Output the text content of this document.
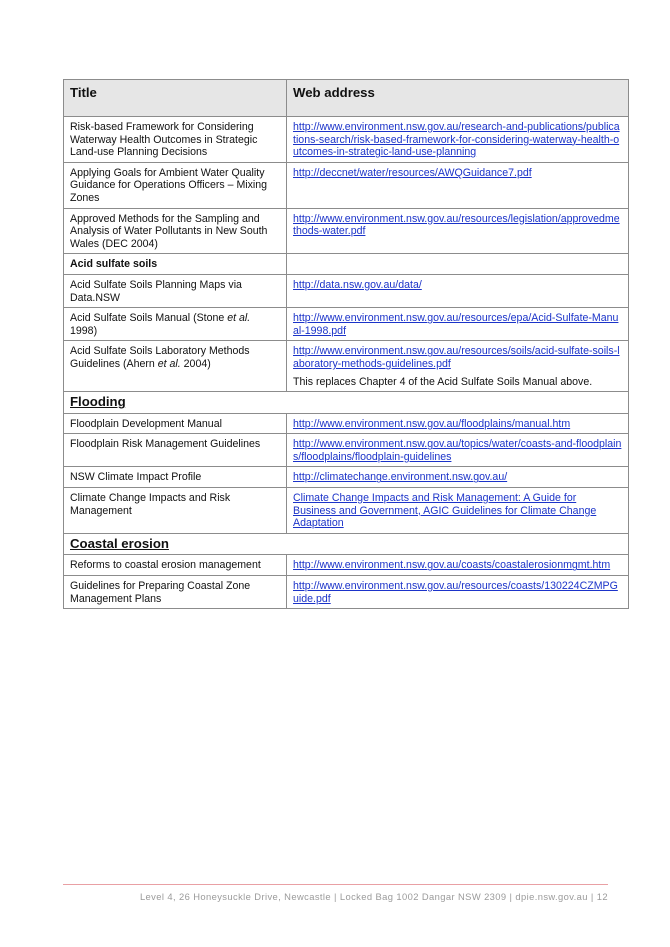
Title	Web address
Risk-based Framework for Considering Waterway Health Outcomes in Strategic Land-use Planning Decisions	http://www.environment.nsw.gov.au/research-and-publications/publications-search/risk-based-framework-for-considering-waterway-health-outcomes-in-strategic-land-use-planning
Applying Goals for Ambient Water Quality Guidance for Operations Officers – Mixing Zones	http://deccnet/water/resources/AWQGuidance7.pdf
Approved Methods for the Sampling and Analysis of Water Pollutants in New South Wales (DEC 2004)	http://www.environment.nsw.gov.au/resources/legislation/approvedmethods-water.pdf
Acid sulfate soils	
Acid Sulfate Soils Planning Maps via Data.NSW	http://data.nsw.gov.au/data/
Acid Sulfate Soils Manual (Stone et al. 1998)	http://www.environment.nsw.gov.au/resources/epa/Acid-Sulfate-Manual-1998.pdf
Acid Sulfate Soils Laboratory Methods Guidelines (Ahern et al. 2004)	http://www.environment.nsw.gov.au/resources/soils/acid-sulfate-soils-laboratory-methods-guidelines.pdf
This replaces Chapter 4 of the Acid Sulfate Soils Manual above.

Flooding	
Floodplain Development Manual	http://www.environment.nsw.gov.au/floodplains/manual.htm
Floodplain Risk Management Guidelines	http://www.environment.nsw.gov.au/topics/water/coasts-and-floodplains/floodplains/floodplain-guidelines
NSW Climate Impact Profile	http://climatechange.environment.nsw.gov.au/
Climate Change Impacts and Risk Management	Climate Change Impacts and Risk Management: A Guide for Business and Government, AGIC Guidelines for Climate Change Adaptation
Coastal erosion	
Reforms to coastal erosion management	http://www.environment.nsw.gov.au/coasts/coastalerosionmgmt.htm
Guidelines for Preparing Coastal Zone Management Plans	http://www.environment.nsw.gov.au/resources/coasts/130224CZMPGuide.pdf
Level 4, 26 Honeysuckle Drive, Newcastle | Locked Bag 1002 Dangar NSW 2309 | dpie.nsw.gov.au | 12
